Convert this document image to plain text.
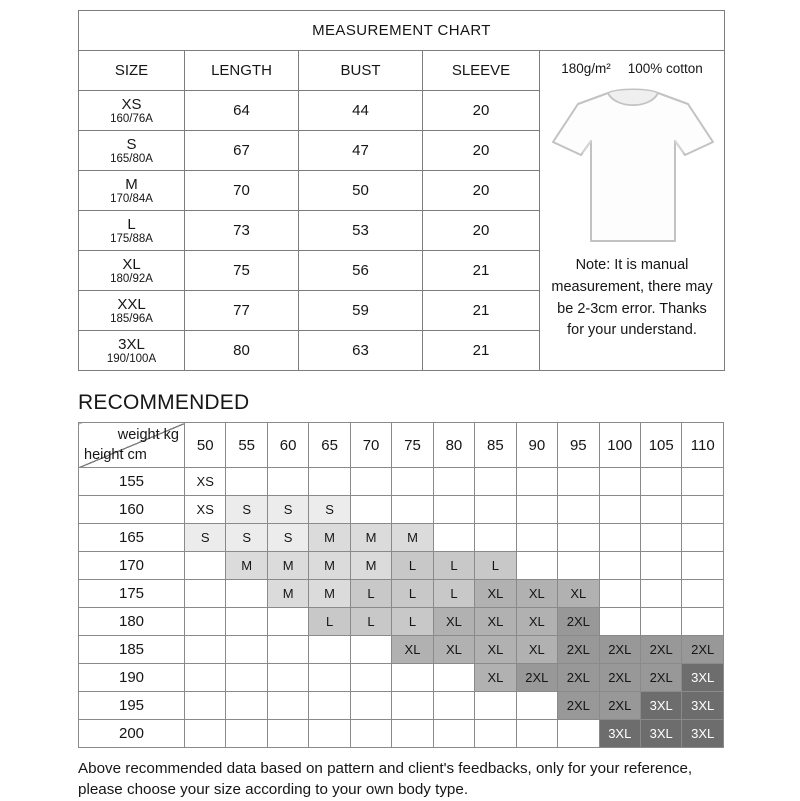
MEASUREMENT CHART				
SIZE	LENGTH	BUST	SLEEVE	180g/m² 100% cotton
Note: It is manual measurement, there may be 2-3cm error. Thanks for your understand.

XS
160/76A	64	44	20	

S
165/80A	67	47	20	

M
170/84A	70	50	20	

L
175/88A	73	53	20	

XL
180/92A	75	56	21	

XXL
185/96A	77	59	21	

3XL
190/100A	80	63	21	
RECOMMENDED
weight kg
height cm	50	55	60	65	70	75	80	85	90	95	100	105	110
155	XS												
160	XS	S	S	S									
165	S	S	S	M	M	M							
170		M	M	M	M	L	L	L					
175			M	M	L	L	L	XL	XL	XL			
180				L	L	L	XL	XL	XL	2XL			
185						XL	XL	XL	XL	2XL	2XL	2XL	2XL
190								XL	2XL	2XL	2XL	2XL	3XL
195										2XL	2XL	3XL	3XL
200											3XL	3XL	3XL
Above recommended data based on pattern and client's feedbacks, only for your reference, please choose your size according to your own body type.
